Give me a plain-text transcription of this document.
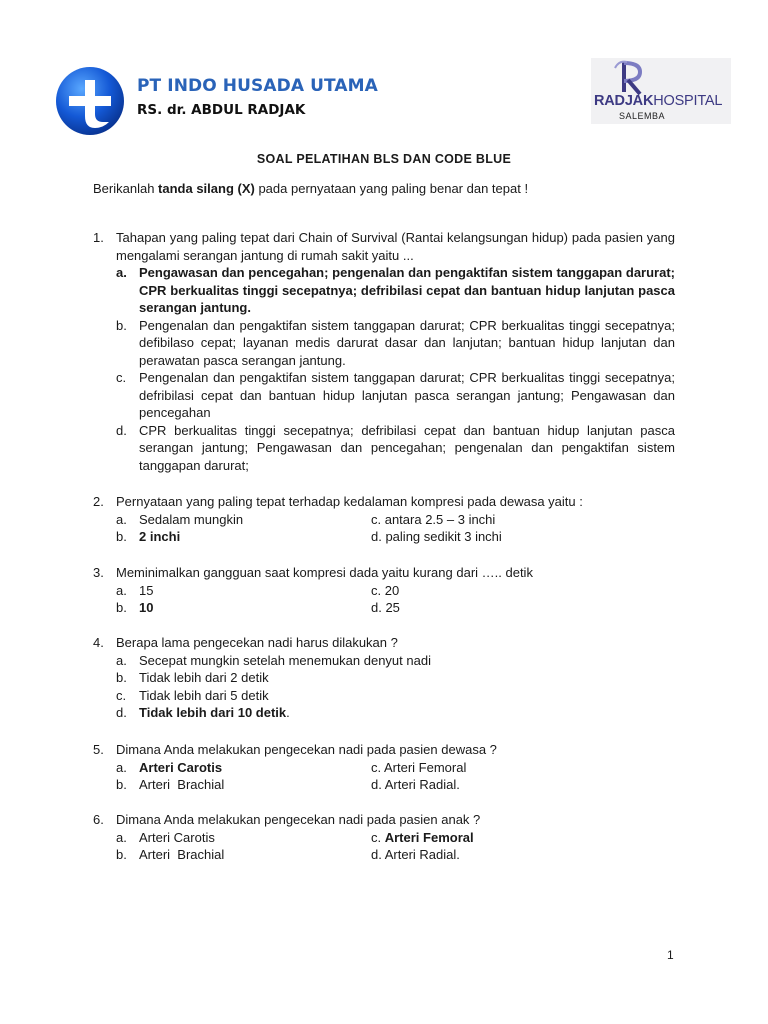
PT INDO HUSADA UTAMA
RS. dr. ABDUL RADJAK
RADJAKHOSPITAL
SALEMBA
SOAL PELATIHAN BLS DAN CODE BLUE
Berikanlah tanda silang (X) pada pernyataan yang paling benar dan tepat !
1. Tahapan yang paling tepat dari Chain of Survival (Rantai kelangsungan hidup) pada pasien yang mengalami serangan jantung di rumah sakit yaitu ...
a. Pengawasan dan pencegahan; pengenalan dan pengaktifan sistem tanggapan darurat; CPR berkualitas tinggi secepatnya; defribilasi cepat dan bantuan hidup lanjutan pasca serangan jantung.
b. Pengenalan dan pengaktifan sistem tanggapan darurat; CPR berkualitas tinggi secepatnya; defibilaso cepat; layanan medis darurat dasar dan lanjutan; bantuan hidup lanjutan dan perawatan pasca serangan jantung.
c. Pengenalan dan pengaktifan sistem tanggapan darurat; CPR berkualitas tinggi secepatnya; defribilasi cepat dan bantuan hidup lanjutan pasca serangan jantung; Pengawasan dan pencegahan
d. CPR berkualitas tinggi secepatnya; defribilasi cepat dan bantuan hidup lanjutan pasca serangan jantung; Pengawasan dan pencegahan; pengenalan dan pengaktifan sistem tanggapan darurat;
2. Pernyataan yang paling tepat terhadap kedalaman kompresi pada dewasa yaitu :
a. Sedalam mungkin	c. antara 2.5 – 3 inchi
b. 2 inchi	d. paling sedikit 3 inchi
3. Meminimalkan gangguan saat kompresi dada yaitu kurang dari ….. detik
a. 15	c. 20
b. 10	d. 25
4. Berapa lama pengecekan nadi harus dilakukan ?
a. Secepat mungkin setelah menemukan denyut nadi
b. Tidak lebih dari 2 detik
c. Tidak lebih dari 5 detik
d. Tidak lebih dari 10 detik.
5. Dimana Anda melakukan pengecekan nadi pada pasien dewasa ?
a. Arteri Carotis	c. Arteri Femoral
b. Arteri  Brachial	d. Arteri Radial.
6. Dimana Anda melakukan pengecekan nadi pada pasien anak ?
a. Arteri Carotis	c. Arteri Femoral
b. Arteri  Brachial	d. Arteri Radial.
1
